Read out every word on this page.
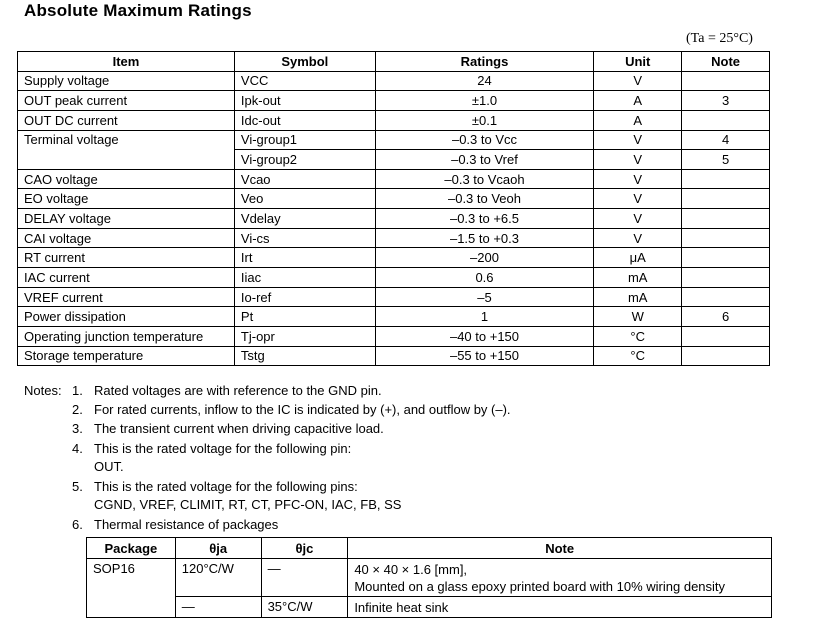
Absolute Maximum Ratings
(Ta = 25°C)
Item	Symbol	Ratings	Unit	Note
Supply voltage	VCC	24	V	
OUT peak current	Ipk-out	±1.0	A	3
OUT DC current	Idc-out	±0.1	A	
Terminal voltage	Vi-group1	–0.3 to Vcc	V	4
	Vi-group2	–0.3 to Vref	V	5
CAO voltage	Vcao	–0.3 to Vcaoh	V	
EO voltage	Veo	–0.3 to Veoh	V	
DELAY voltage	Vdelay	–0.3 to +6.5	V	
CAI voltage	Vi-cs	–1.5 to +0.3	V	
RT current	Irt	–200	μA	
IAC current	Iiac	0.6	mA	
VREF current	Io-ref	–5	mA	
Power dissipation	Pt	1	W	6
Operating junction temperature	Tj-opr	–40 to +150	°C	
Storage temperature	Tstg	–55 to +150	°C	
Notes: 1. Rated voltages are with reference to the GND pin.
2. For rated currents, inflow to the IC is indicated by (+), and outflow by (–).
3. The transient current when driving capacitive load.
4. This is the rated voltage for the following pin:
OUT.
5. This is the rated voltage for the following pins:
CGND, VREF, CLIMIT, RT, CT, PFC-ON, IAC, FB, SS
6. Thermal resistance of packages
Package	θja	θjc	Note
SOP16	120°C/W	—	40 × 40 × 1.6 [mm],
Mounted on a glass epoxy printed board with 10% wiring density

	—	35°C/W	Infinite heat sink
